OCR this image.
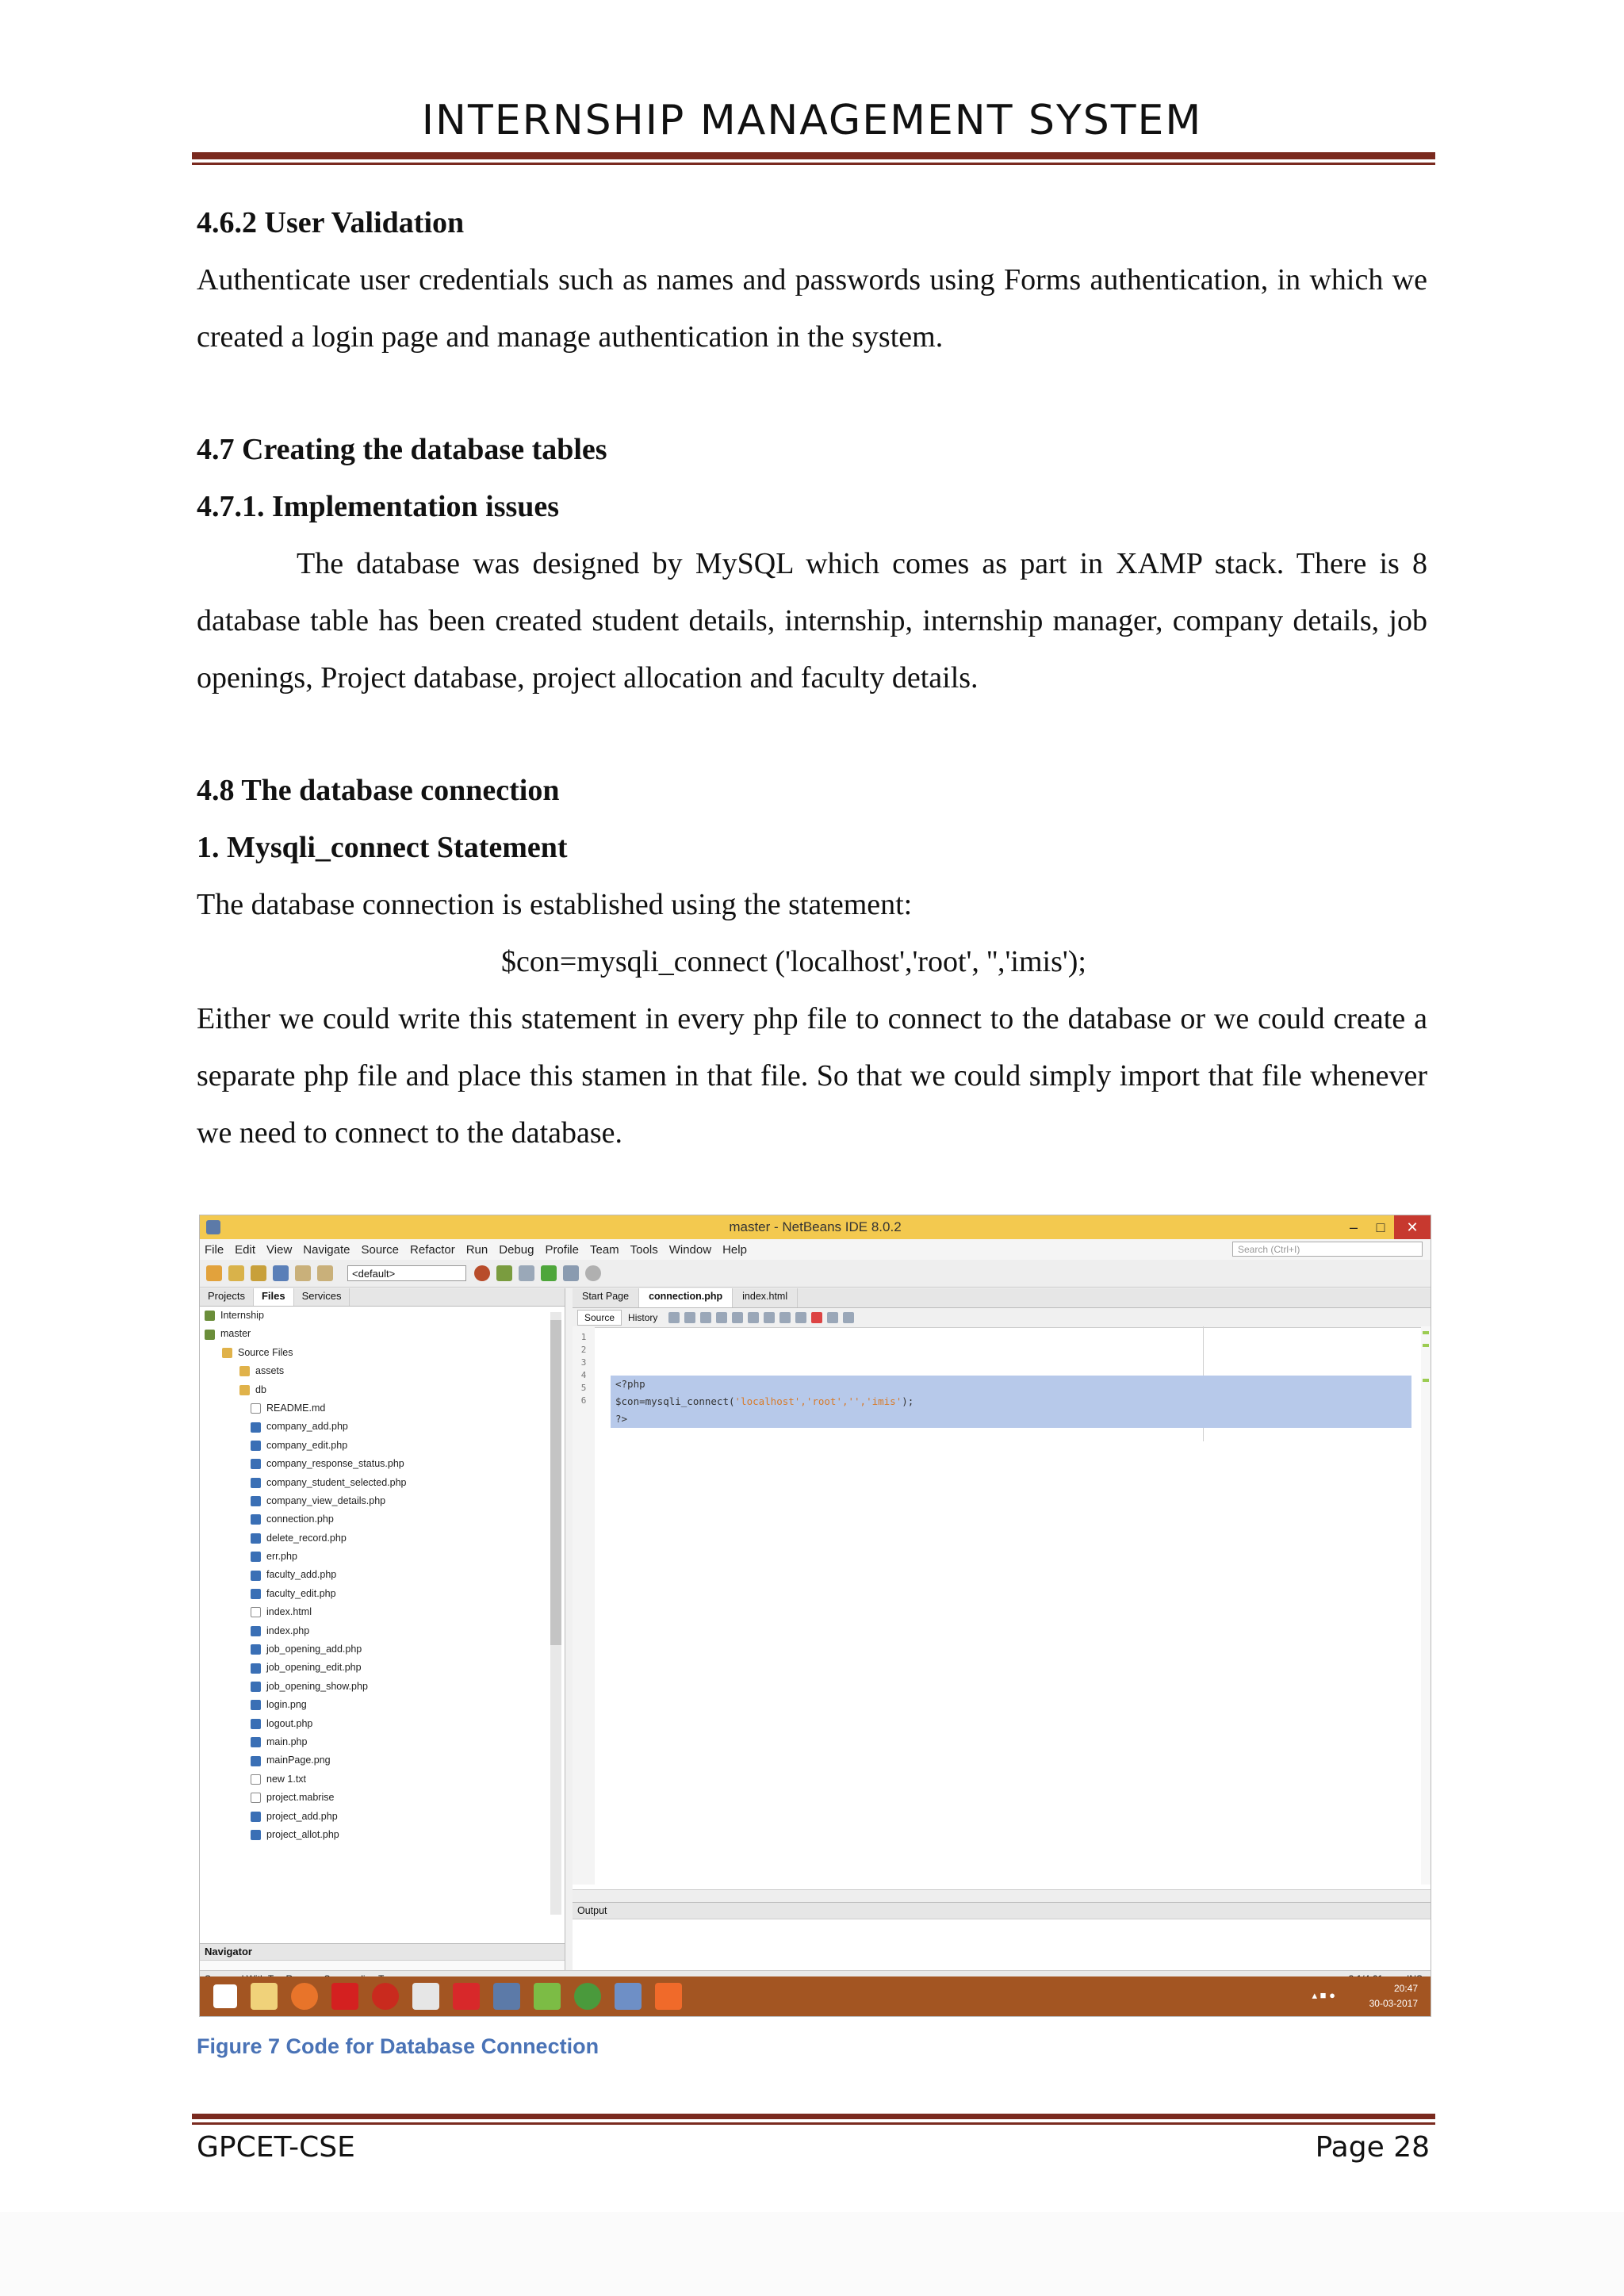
INTERNSHIP MANAGEMENT SYSTEM
4.6.2 User Validation
Authenticate user credentials such as names and passwords using Forms authentication, in which we created a login page and manage authentication in the system.
4.7 Creating the database tables
4.7.1. Implementation issues
The database was designed by MySQL which comes as part in XAMP stack. There is 8 database table has been created student details, internship, internship manager, company details, job openings, Project database, project allocation and faculty details.
4.8 The database connection
1. Mysqli_connect Statement
The database connection is established using the statement:
$con=mysqli_connect ('localhost','root', '','imis');
Either we could write this statement in every php file to connect to the database or we could create a separate php file and place this stamen in that file. So that we could simply import that file whenever we need to connect to the database.
master - NetBeans IDE 8.0.2	–	□	✕
File Edit View Navigate Source Refactor Run Debug Profile Team Tools Window Help	Search (Ctrl+I)
<default>
Projects	Files	Services
Internship
master
Source Files
assets
db
README.md
company_add.php
company_edit.php
company_response_status.php
company_student_selected.php
company_view_details.php
connection.php
delete_record.php
err.php
faculty_add.php
faculty_edit.php
index.html
index.php
job_opening_add.php
job_opening_edit.php
job_opening_show.php
login.png
logout.php
main.php
mainPage.png
new 1.txt
project.mabrise
project_add.php
project_allot.php
Navigator
Start Page	connection.php	index.html
Source	History
1
2
3
4
5
6
<?php
$con=mysqli_connect('localhost','root','','imis');
?>
Output
▴ ■ ●
20:47
30-03-2017
Figure 7 Code for Database Connection
GPCET-CSE	Page 28
